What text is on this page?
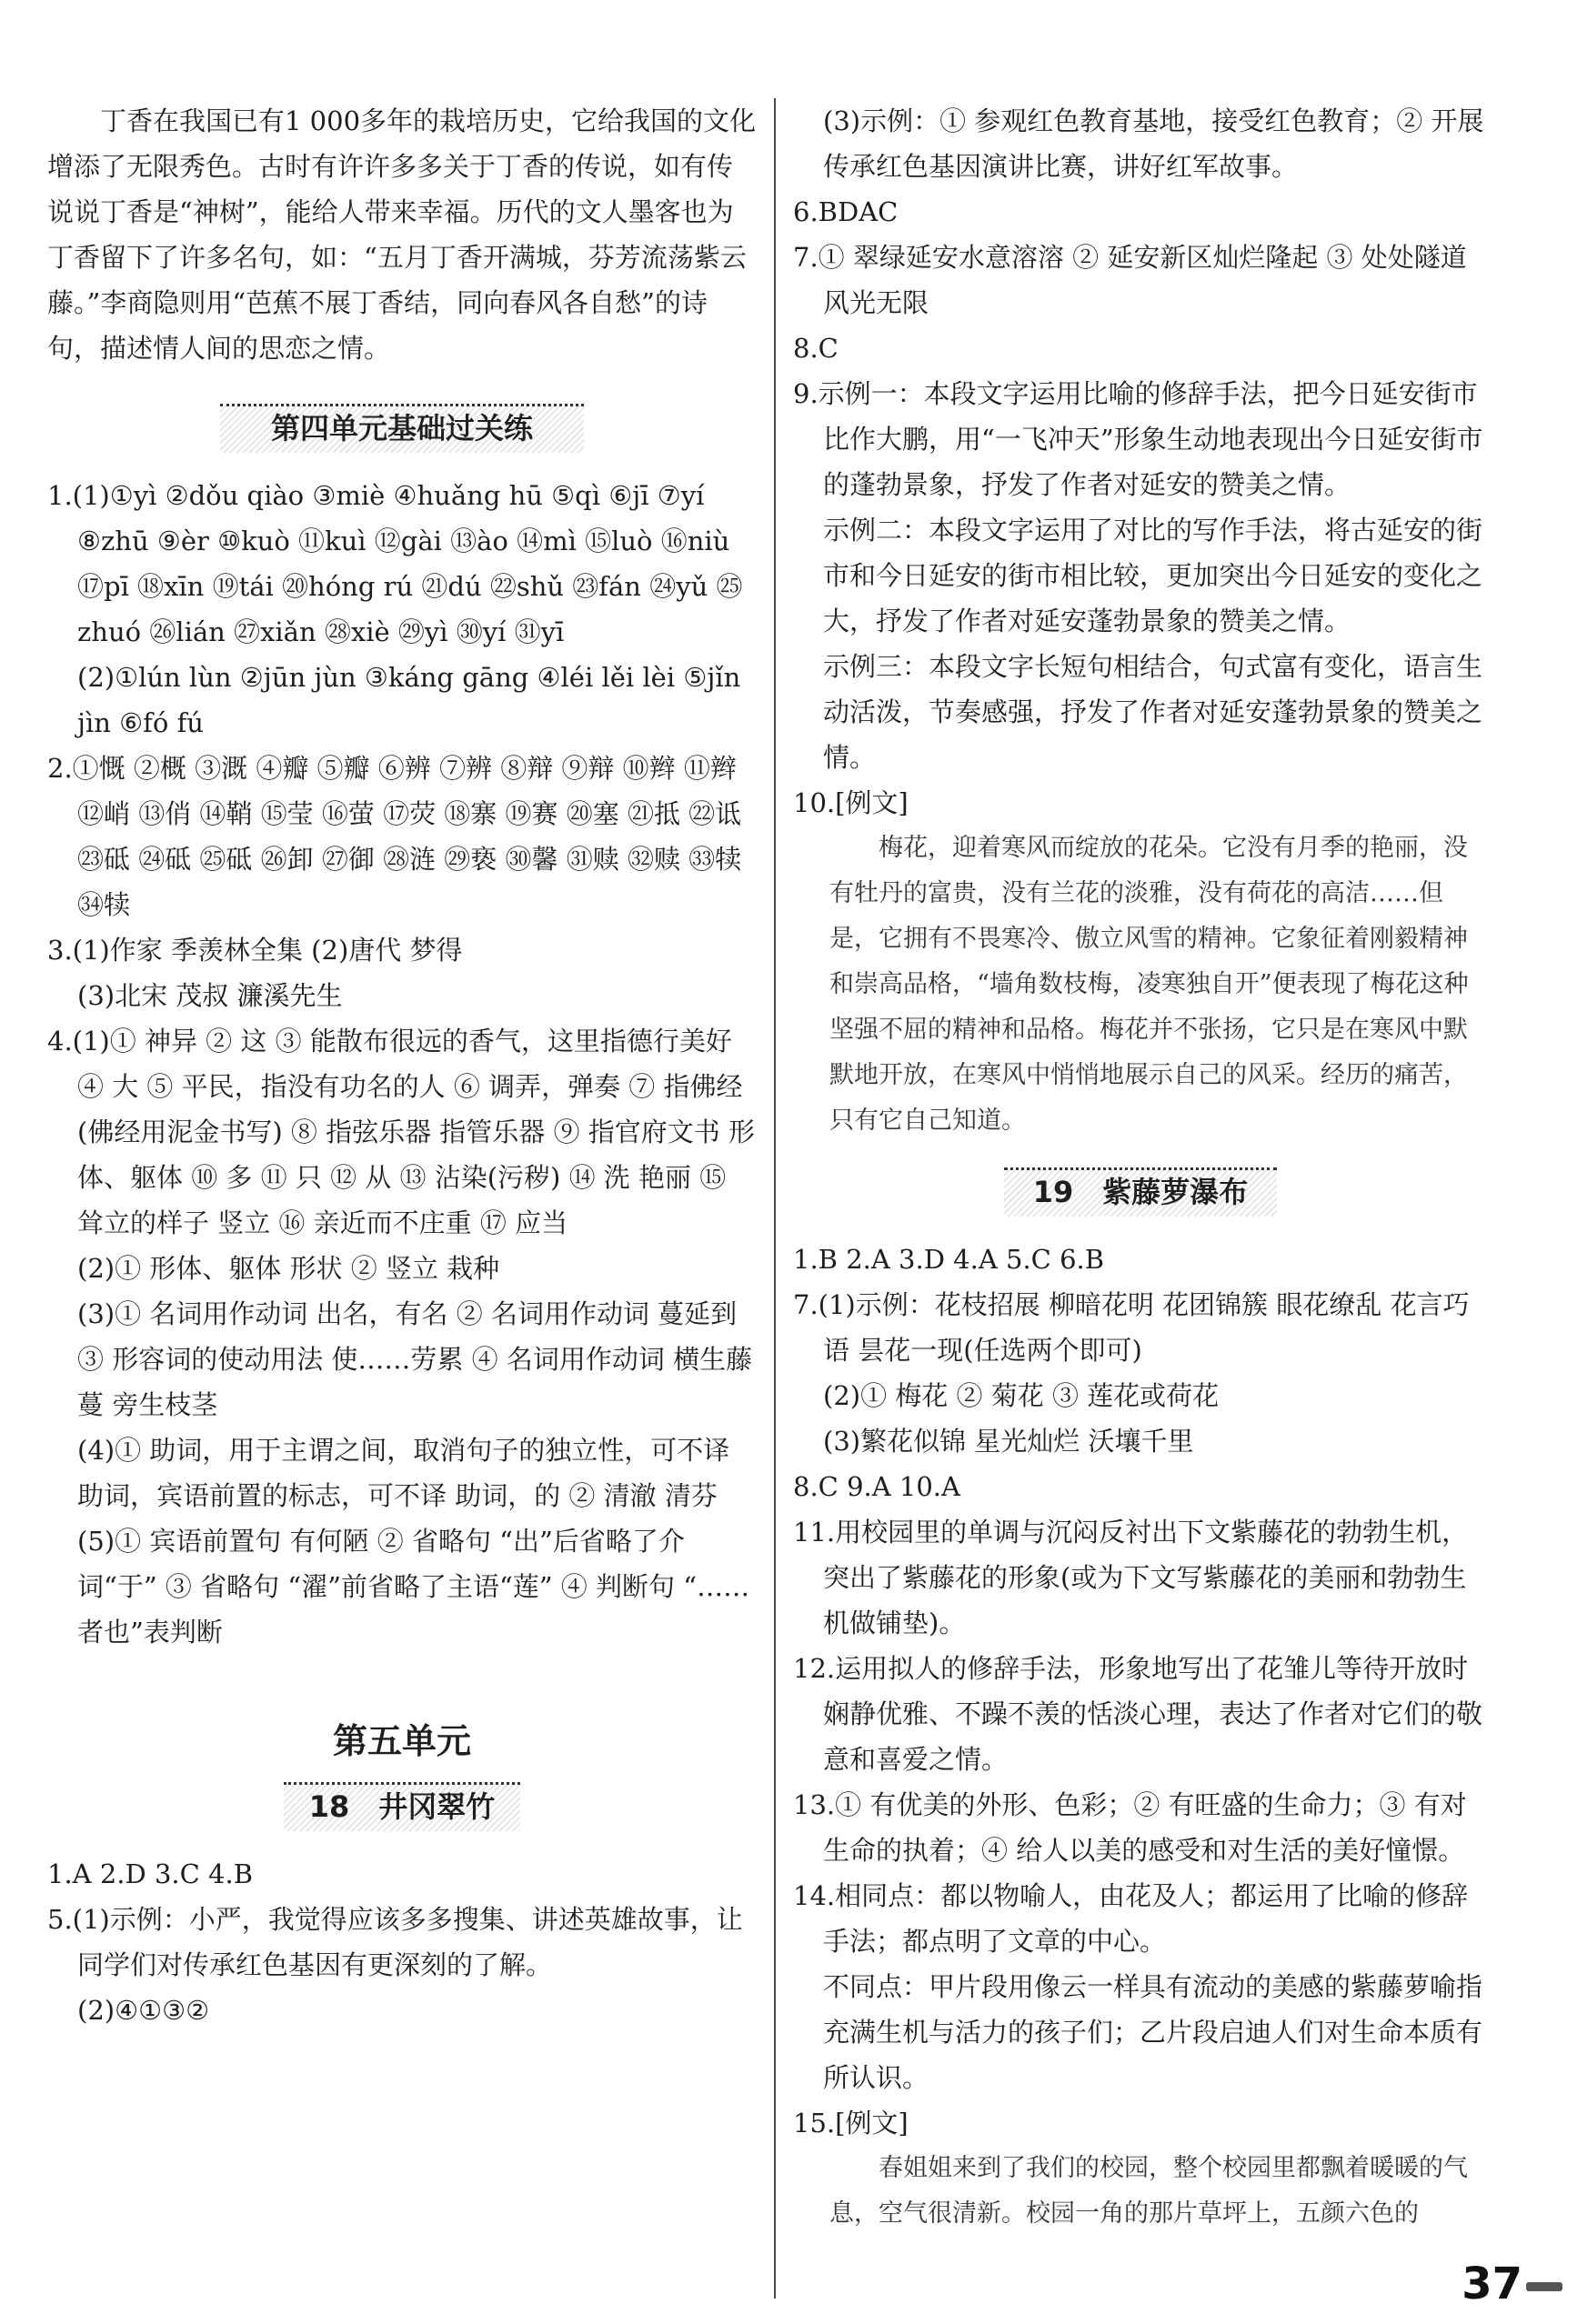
丁香在我国已有1 000多年的栽培历史，它给我国的文化增添了无限秀色。古时有许许多多关于丁香的传说，如有传说说丁香是“神树”，能给人带来幸福。历代的文人墨客也为丁香留下了许多名句，如：“五月丁香开满城，芬芳流荡紫云藤。”李商隐则用“芭蕉不展丁香结，同向春风各自愁”的诗句，描述情人间的思恋之情。

第四单元基础过关练

1.(1)①yì ②dǒu qiào ③miè ④huǎng hū ⑤qì ⑥jī ⑦yí ⑧zhū ⑨èr ⑩kuò ⑪kuì ⑫gài ⑬ào ⑭mì ⑮luò ⑯niù ⑰pī ⑱xīn ⑲tái ⑳hóng rú ㉑dú ㉒shǔ ㉓fán ㉔yǔ ㉕zhuó ㉖lián ㉗xiǎn ㉘xiè ㉙yì ㉚yí ㉛yī

(2)①lún lùn ②jūn jùn ③káng gāng ④léi lěi lèi ⑤jǐn jìn ⑥fó fú

2.①慨 ②概 ③溉 ④瓣 ⑤瓣 ⑥辨 ⑦辨 ⑧辩 ⑨辩 ⑩辫 ⑪辫 ⑫峭 ⑬俏 ⑭鞘 ⑮莹 ⑯萤 ⑰荧 ⑱寨 ⑲赛 ⑳塞 ㉑抵 ㉒诋 ㉓砥 ㉔砥 ㉕砥 ㉖卸 ㉗御 ㉘涟 ㉙亵 ㉚馨 ㉛赎 ㉜赎 ㉝犊 ㉞犊

3.(1)作家 季羡林全集 (2)唐代 梦得

(3)北宋 茂叔 濂溪先生

4.(1)① 神异 ② 这 ③ 能散布很远的香气，这里指德行美好 ④ 大 ⑤ 平民，指没有功名的人 ⑥ 调弄，弹奏 ⑦ 指佛经(佛经用泥金书写) ⑧ 指弦乐器 指管乐器 ⑨ 指官府文书 形体、躯体 ⑩ 多 ⑪ 只 ⑫ 从 ⑬ 沾染(污秽) ⑭ 洗 艳丽 ⑮ 耸立的样子 竖立 ⑯ 亲近而不庄重 ⑰ 应当

(2)① 形体、躯体 形状 ② 竖立 栽种

(3)① 名词用作动词 出名，有名 ② 名词用作动词 蔓延到 ③ 形容词的使动用法 使……劳累 ④ 名词用作动词 横生藤蔓 旁生枝茎

(4)① 助词，用于主谓之间，取消句子的独立性，可不译 助词，宾语前置的标志，可不译 助词，的 ② 清澈 清芬

(5)① 宾语前置句 有何陋 ② 省略句 “出”后省略了介词“于” ③ 省略句 “濯”前省略了主语“莲” ④ 判断句 “……者也”表判断

第五单元
18　井冈翠竹

1.A 2.D 3.C 4.B

5.(1)示例：小严，我觉得应该多多搜集、讲述英雄故事，让同学们对传承红色基因有更深刻的了解。

(2)④①③②

(3)示例：① 参观红色教育基地，接受红色教育；② 开展传承红色基因演讲比赛，讲好红军故事。

6.BDAC

7.① 翠绿延安水意溶溶 ② 延安新区灿烂隆起 ③ 处处隧道风光无限

8.C

9.示例一：本段文字运用比喻的修辞手法，把今日延安街市比作大鹏，用“一飞冲天”形象生动地表现出今日延安街市的蓬勃景象，抒发了作者对延安的赞美之情。

示例二：本段文字运用了对比的写作手法，将古延安的街市和今日延安的街市相比较，更加突出今日延安的变化之大，抒发了作者对延安蓬勃景象的赞美之情。

示例三：本段文字长短句相结合，句式富有变化，语言生动活泼，节奏感强，抒发了作者对延安蓬勃景象的赞美之情。

10.[例文]

梅花，迎着寒风而绽放的花朵。它没有月季的艳丽，没有牡丹的富贵，没有兰花的淡雅，没有荷花的高洁……但是，它拥有不畏寒冷、傲立风雪的精神。它象征着刚毅精神和崇高品格，“墙角数枝梅，凌寒独自开”便表现了梅花这种坚强不屈的精神和品格。梅花并不张扬，它只是在寒风中默默地开放，在寒风中悄悄地展示自己的风采。经历的痛苦，只有它自己知道。

19　紫藤萝瀑布

1.B 2.A 3.D 4.A 5.C 6.B

7.(1)示例：花枝招展 柳暗花明 花团锦簇 眼花缭乱 花言巧语 昙花一现(任选两个即可)

(2)① 梅花 ② 菊花 ③ 莲花或荷花

(3)繁花似锦 星光灿烂 沃壤千里

8.C 9.A 10.A

11.用校园里的单调与沉闷反衬出下文紫藤花的勃勃生机，突出了紫藤花的形象(或为下文写紫藤花的美丽和勃勃生机做铺垫)。

12.运用拟人的修辞手法，形象地写出了花雏儿等待开放时娴静优雅、不躁不羡的恬淡心理，表达了作者对它们的敬意和喜爱之情。

13.① 有优美的外形、色彩；② 有旺盛的生命力；③ 有对生命的执着；④ 给人以美的感受和对生活的美好憧憬。

14.相同点：都以物喻人，由花及人；都运用了比喻的修辞手法；都点明了文章的中心。

不同点：甲片段用像云一样具有流动的美感的紫藤萝喻指充满生机与活力的孩子们；乙片段启迪人们对生命本质有所认识。

15.[例文]

春姐姐来到了我们的校园，整个校园里都飘着暖暖的气息，空气很清新。校园一角的那片草坪上，五颜六色的

37
